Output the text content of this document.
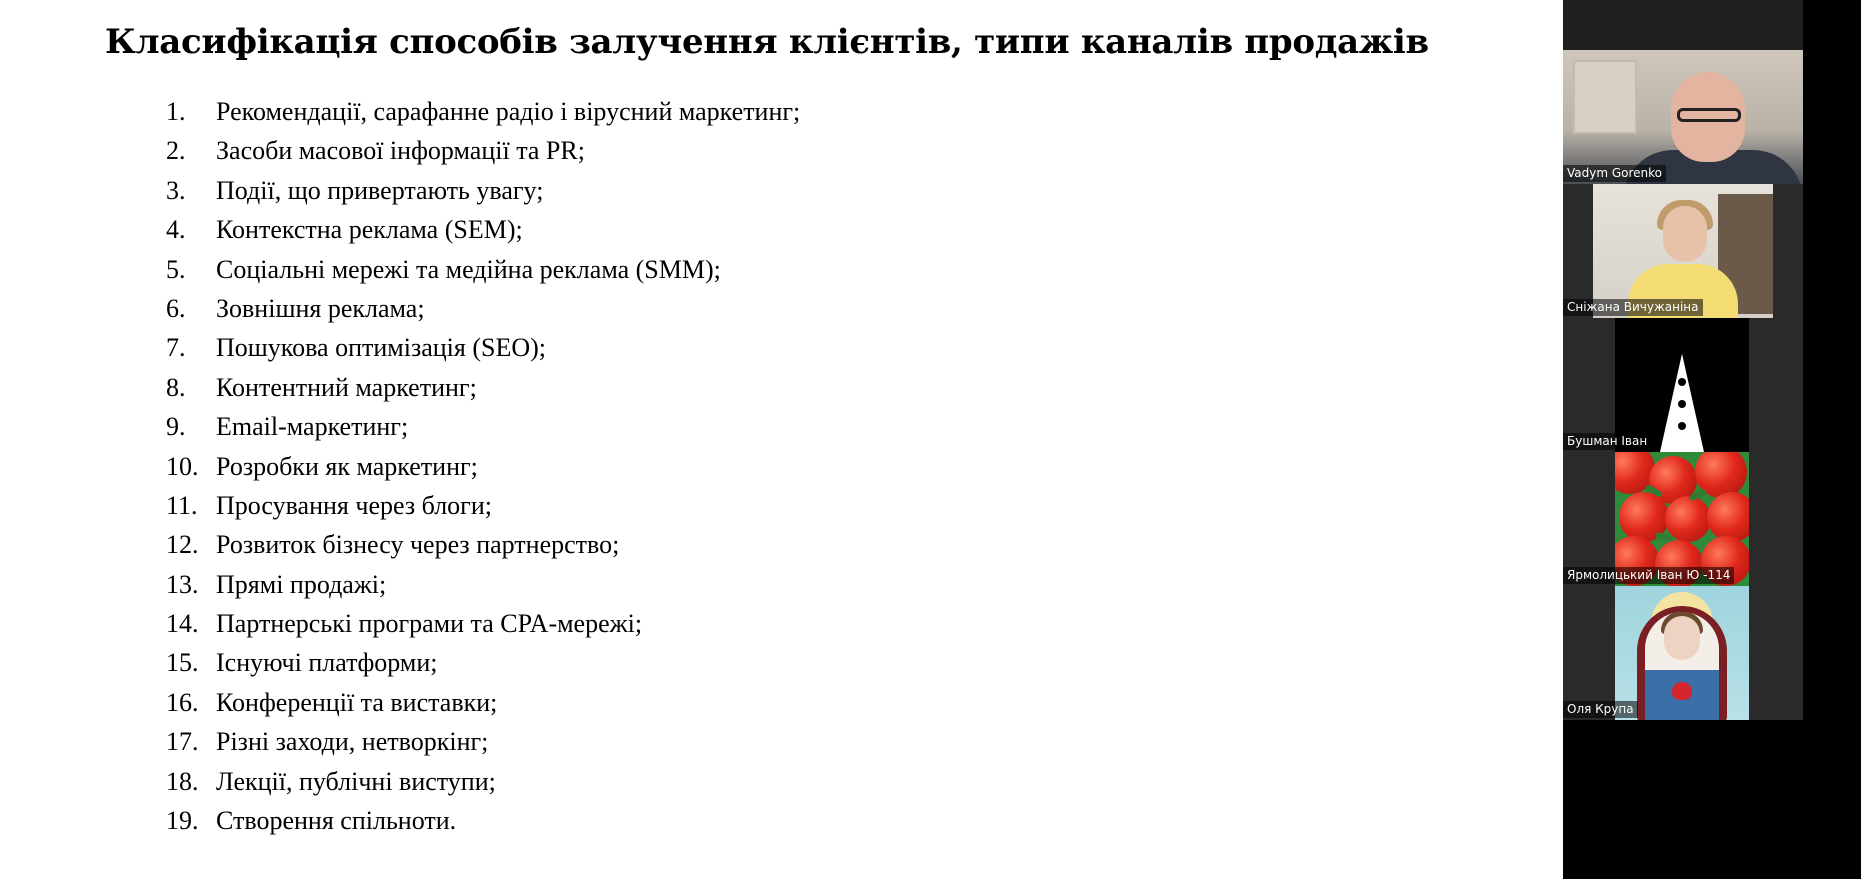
Класифікація способів залучення клієнтів, типи каналів продажів
1. Рекомендації, сарафанне радіо і вірусний маркетинг;
2. Засоби масової інформації та PR;
3. Події, що привертають увагу;
4. Контекстна реклама (SEM);
5. Соціальні мережі та медійна реклама (SMM);
6. Зовнішня реклама;
7. Пошукова оптимізація (SEO);
8. Контентний маркетинг;
9. Email-маркетинг;
10. Розробки як маркетинг;
11. Просування через блоги;
12. Розвиток бізнесу через партнерство;
13. Прямі продажі;
14. Партнерські програми та CPA-мережі;
15. Існуючі платформи;
16. Конференції та виставки;
17. Різні заходи, нетворкінг;
18. Лекції, публічні виступи;
19. Створення спільноти.
Vadym Gorenko
Сніжана Вичужаніна
Бушман Іван
Ярмолицький Іван Ю -114
Оля Крупа
